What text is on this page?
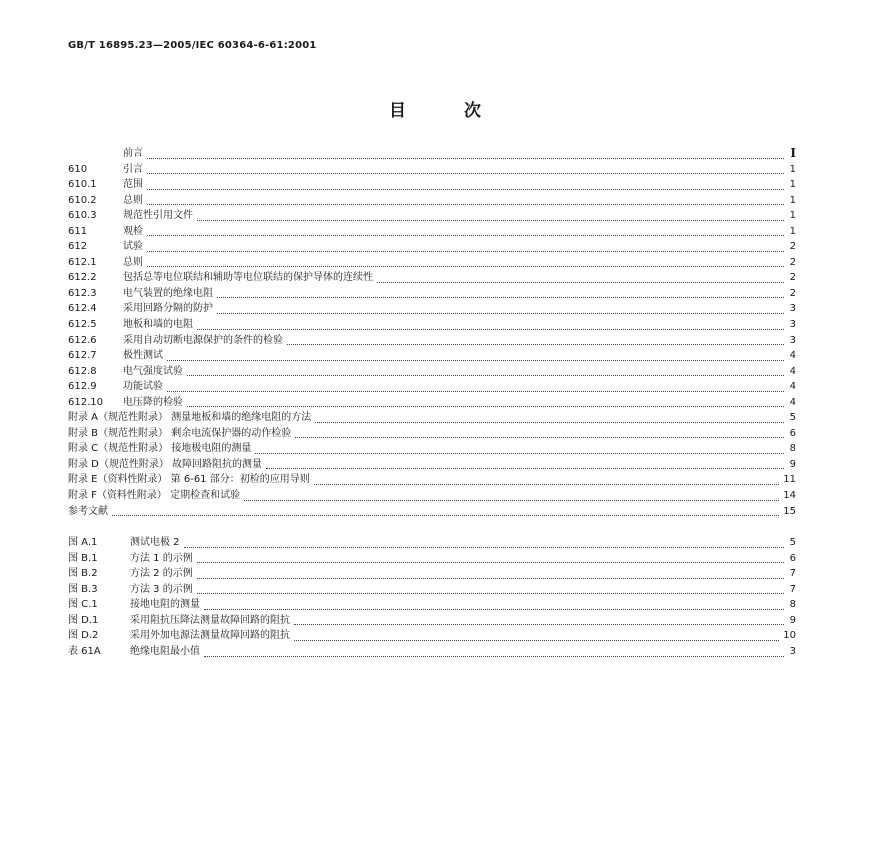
GB/T 16895.23—2005/IEC 60364-6-61:2001
目 次
前言	Ⅰ
610	引言	1
610.1	范围	1
610.2	总则	1
610.3	规范性引用文件	1
611	观检	1
612	试验	2
612.1	总则	2
612.2	包括总等电位联结和辅助等电位联结的保护导体的连续性	2
612.3	电气装置的绝缘电阻	2
612.4	采用回路分隔的防护	3
612.5	地板和墙的电阻	3
612.6	采用自动切断电源保护的条件的检验	3
612.7	极性测试	4
612.8	电气强度试验	4
612.9	功能试验	4
612.10	电压降的检验	4
附录 A（规范性附录） 测量地板和墙的绝缘电阻的方法	5
附录 B（规范性附录） 剩余电流保护器的动作检验	6
附录 C（规范性附录） 接地极电阻的测量	8
附录 D（规范性附录） 故障回路阻抗的测量	9
附录 E（资料性附录） 第 6-61 部分：初检的应用导则	11
附录 F（资料性附录） 定期检查和试验	14
参考文献	15
图 A.1	测试电极 2	5
图 B.1	方法 1 的示例	6
图 B.2	方法 2 的示例	7
图 B.3	方法 3 的示例	7
图 C.1	接地电阻的测量	8
图 D.1	采用阻抗压降法测量故障回路的阻抗	9
图 D.2	采用外加电源法测量故障回路的阻抗	10
表 61A	绝缘电阻最小值	3
